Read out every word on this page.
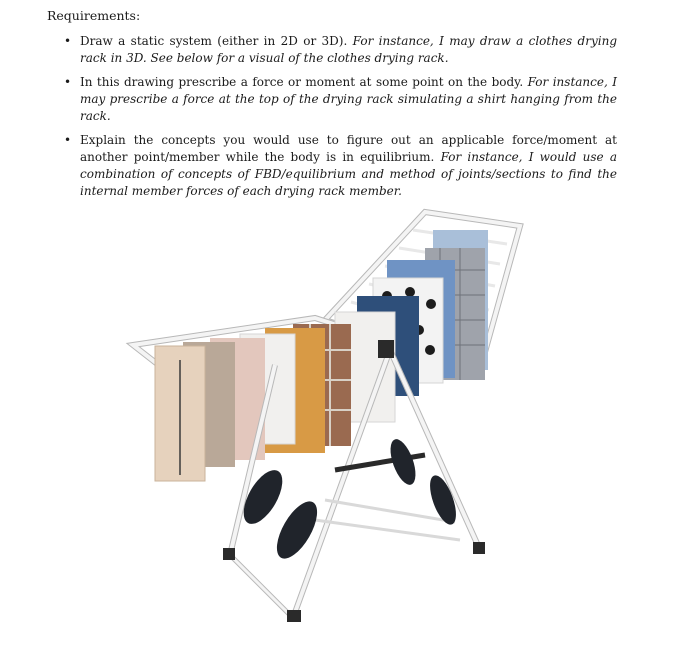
Requirements:
• Draw a static system (either in 2D or 3D). For instance, I may draw a clothes drying rack in 3D. See below for a visual of the clothes drying rack.
• In this drawing prescribe a force or moment at some point on the body. For instance, I may prescribe a force at the top of the drying rack simulating a shirt hanging from the rack.
• Explain the concepts you would use to figure out an applicable force/moment at another point/member while the body is in equilibrium. For instance, I would use a combination of concepts of FBD/equilibrium and method of joints/sections to find the internal member forces of each drying rack member.
